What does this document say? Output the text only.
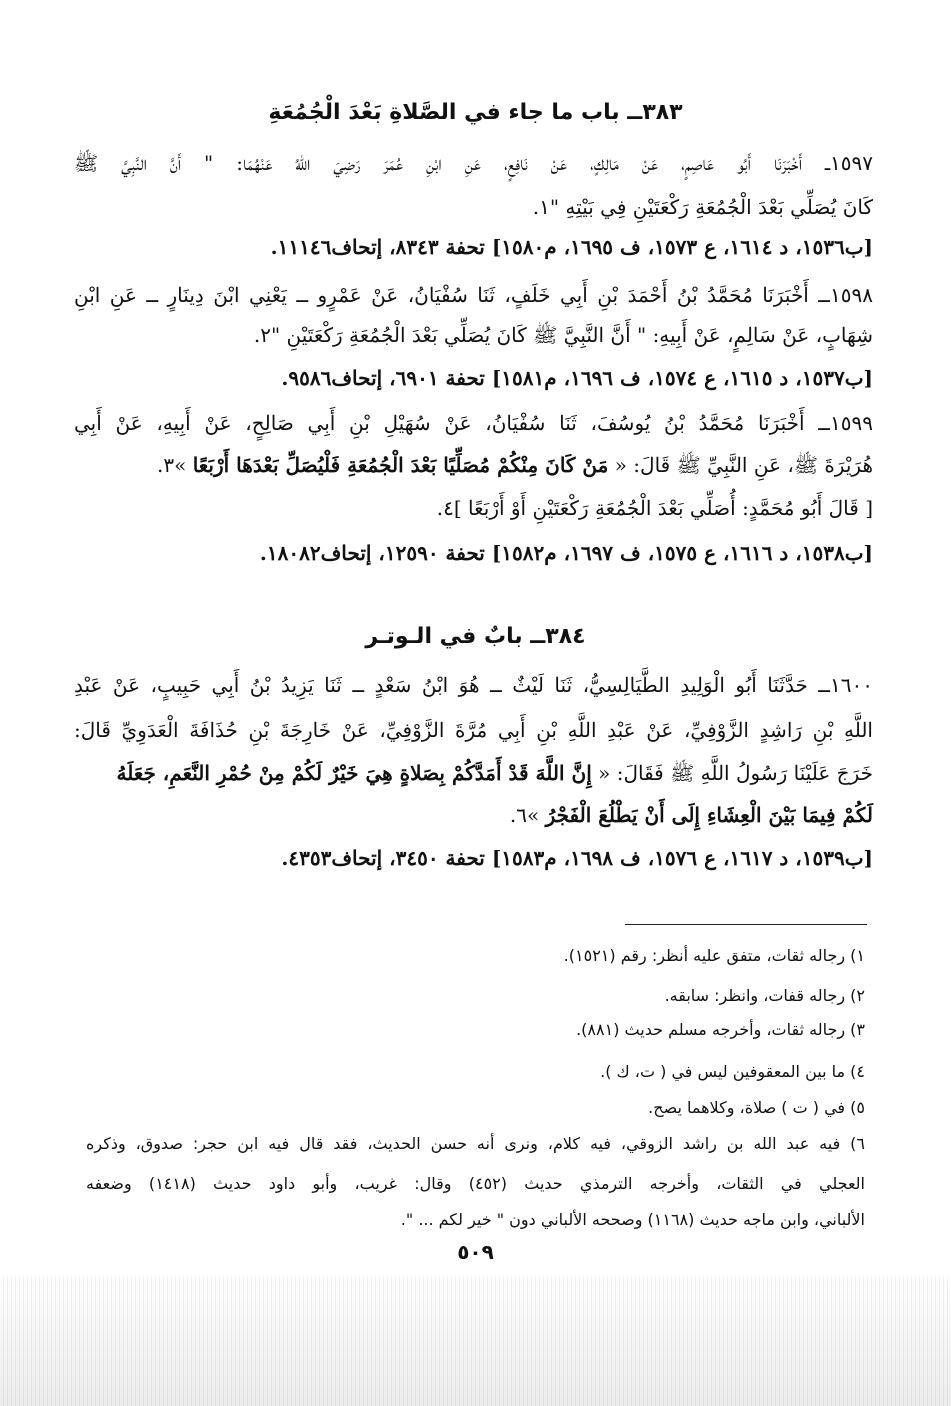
٣٨٣ــ باب ما جاء في الصَّلاةِ بَعْدَ الْجُمُعَةِ
١٥٩٧ــ أَخْبَرَنَا أَبُو عَاصِمٍ، عَنْ مَالِكٍ، عَنْ نَافِعٍ، عَنِ ابْنِ عُمَرَ رَضِيَ اللهُ عَنْهُمَا: " أَنَّ النَّبِيَّ ﷺ
كَانَ يُصَلِّي بَعْدَ الْجُمُعَةِ رَكْعَتَيْنِ فِي بَيْتِهِ "١.
[ب١٥٣٦، د ١٦١٤، ع ١٥٧٣، ف ١٦٩٥، م١٥٨٠] تحفة ٨٣٤٣، إتحاف١١١٤٦.
١٥٩٨ــ أَخْبَرَنَا مُحَمَّدُ بْنُ أَحْمَدَ بْنِ أَبِي خَلَفٍ، ثَنَا سُفْيَانُ، عَنْ عَمْرٍو ــ يَعْنِي ابْنَ دِينَارٍ ــ عَنِ ابْنِ
شِهَابٍ، عَنْ سَالِمٍ، عَنْ أَبِيهِ: " أَنَّ النَّبِيَّ ﷺ كَانَ يُصَلِّي بَعْدَ الْجُمُعَةِ رَكْعَتَيْنِ "٢.
[ب١٥٣٧، د ١٦١٥، ع ١٥٧٤، ف ١٦٩٦، م١٥٨١] تحفة ٦٩٠١، إتحاف٩٥٨٦.
١٥٩٩ــ أَخْبَرَنَا مُحَمَّدُ بْنُ يُوسُفَ، ثَنَا سُفْيَانُ، عَنْ سُهَيْلِ بْنِ أَبِي صَالِحٍ، عَنْ أَبِيهِ، عَنْ أَبِي
هُرَيْرَةَ ﷺ، عَنِ النَّبِيِّ ﷺ قَالَ: « مَنْ كَانَ مِنْكُمْ مُصَلِّيًا بَعْدَ الْجُمُعَةِ فَلْيُصَلِّ بَعْدَهَا أَرْبَعًا »٣.
[ قَالَ أَبُو مُحَمَّدٍ: أُصَلِّي بَعْدَ الْجُمُعَةِ رَكْعَتَيْنِ أَوْ أَرْبَعًا ]٤.
[ب١٥٣٨، د ١٦١٦، ع ١٥٧٥، ف ١٦٩٧، م١٥٨٢] تحفة ١٢٥٩٠، إتحاف١٨٠٨٢.
٣٨٤ــ بابٌ في الـوتـر
١٦٠٠ــ حَدَّثَنَا أَبُو الْوَلِيدِ الطَّيَالِسِيُّ، ثَنَا لَيْثٌ ــ هُوَ ابْنُ سَعْدٍ ــ ثَنَا يَزِيدُ بْنُ أَبِي حَبِيبٍ، عَنْ عَبْدِ
اللَّهِ بْنِ رَاشِدٍ الزَّوْفِيِّ، عَنْ عَبْدِ اللَّهِ بْنِ أَبِي مُرَّةَ الزَّوْفِيِّ، عَنْ خَارِجَةَ بْنِ حُذَافَةَ الْعَدَوِيِّ قَالَ:
خَرَجَ عَلَيْنَا رَسُولُ اللَّهِ ﷺ فَقَالَ: « إِنَّ اللَّهَ قَدْ أَمَدَّكُمْ بِصَلاةٍ هِيَ خَيْرٌ لَكُمْ مِنْ حُمْرِ النَّعَمِ، جَعَلَهُ
لَكُمْ فِيمَا بَيْنَ الْعِشَاءِ إِلَى أَنْ يَطْلُعَ الْفَجْرُ »٦.
[ب١٥٣٩، د ١٦١٧، ع ١٥٧٦، ف ١٦٩٨، م١٥٨٣] تحفة ٣٤٥٠، إتحاف٤٣٥٣.
١) رجاله ثقات، متفق عليه أنظر: رقم (١٥٢١).
٢) رجاله قفات، وانظر: سابقه.
٣) رجاله ثقات، وأخرجه مسلم حديث (٨٨١).
٤) ما بين المعقوفين ليس في ( ت، ك ).
٥) في ( ت ) صلاة، وكلاهما يصح.
٦) فيه عبد الله بن راشد الزوقي، فيه كلام، ونرى أنه حسن الحديث، فقد قال فيه ابن حجر: صدوق، وذكره
العجلي في الثقات، وأخرجه الترمذي حديث (٤٥٢) وقال: غريب، وأبو داود حديث (١٤١٨) وضعفه
الألباني، وابن ماجه حديث (١١٦٨) وصححه الألباني دون " خير لكم ... ".
٥٠٩
